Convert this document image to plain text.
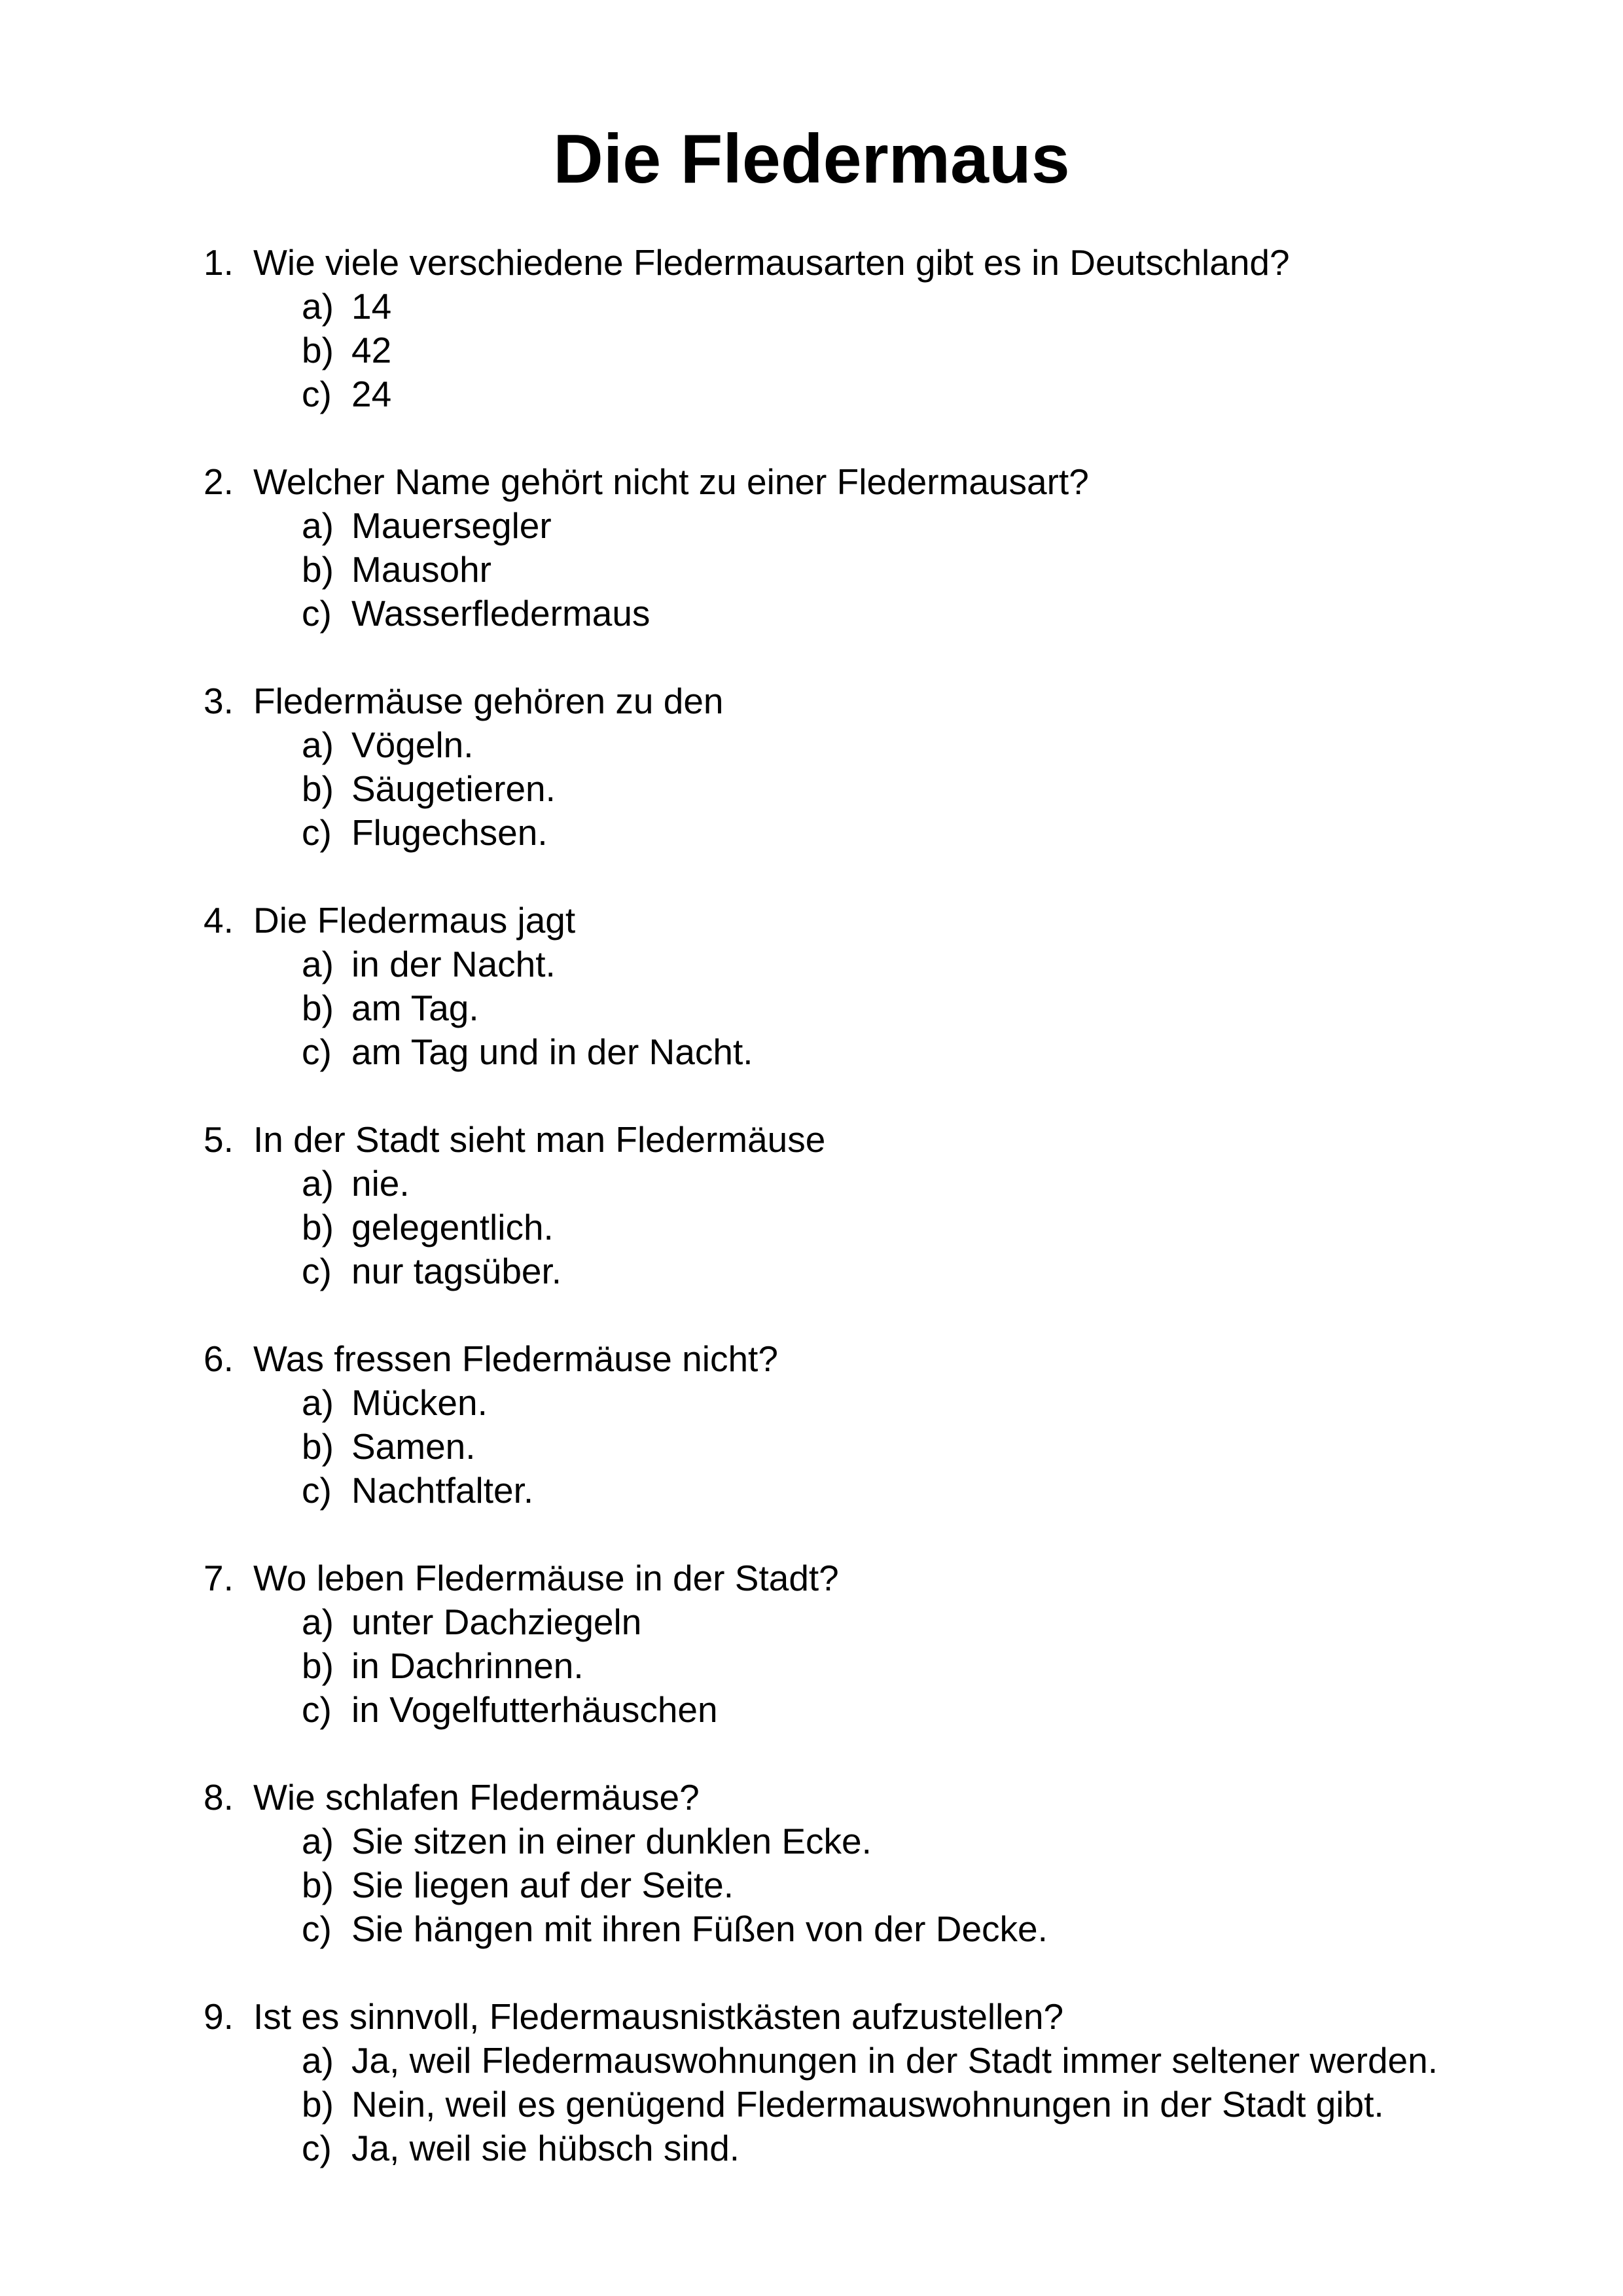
Die Fledermaus
1. Wie viele verschiedene Fledermausarten gibt es in Deutschland?
a) 14
b) 42
c) 24
2. Welcher Name gehört nicht zu einer Fledermausart?
a) Mauersegler
b) Mausohr
c) Wasserfledermaus
3. Fledermäuse gehören zu den
a) Vögeln.
b) Säugetieren.
c) Flugechsen.
4. Die Fledermaus jagt
a) in der Nacht.
b) am Tag.
c) am Tag und in der Nacht.
5. In der Stadt sieht man Fledermäuse
a) nie.
b) gelegentlich.
c) nur tagsüber.
6. Was fressen Fledermäuse nicht?
a) Mücken.
b) Samen.
c) Nachtfalter.
7. Wo leben Fledermäuse in der Stadt?
a) unter Dachziegeln
b) in Dachrinnen.
c) in Vogelfutterhäuschen
8. Wie schlafen Fledermäuse?
a) Sie sitzen in einer dunklen Ecke.
b) Sie liegen auf der Seite.
c) Sie hängen mit ihren Füßen von der Decke.
9. Ist es sinnvoll, Fledermausnistkästen aufzustellen?
a) Ja, weil Fledermauswohnungen in der Stadt immer seltener werden.
b) Nein, weil es genügend Fledermauswohnungen in der Stadt gibt.
c) Ja, weil sie hübsch sind.
